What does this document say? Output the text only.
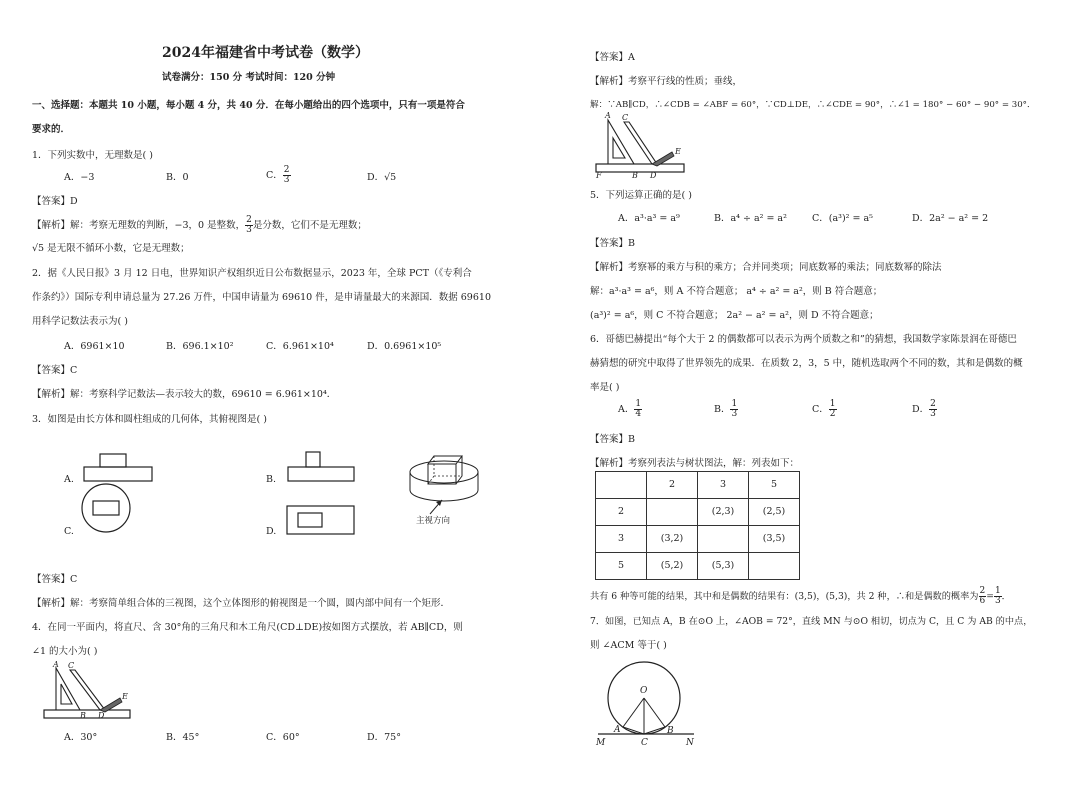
2024年福建省中考试卷（数学）
试卷满分：150 分 考试时间：120 分钟
一、选择题：本题共 10 小题，每小题 4 分，共 40 分．在每小题给出的四个选项中，只有一项是符合
要求的．
1．下列实数中，无理数是( )
A．−3	B．0	C． $\frac{2}{3}$	D．√5
【答案】D
【解析】解：考察无理数的判断，−3，0 是整数， $\frac{2}{3}$ 是分数，它们不是无理数；
√5 是无限不循环小数，它是无理数；
2．据《人民日报》3 月 12 日电，世界知识产权组织近日公布数据显示，2023 年，全球 PCT（《专利合
作条约》）国际专利申请总量为 27.26 万件，中国申请量为 69610 件，是申请量最大的来源国．数据 69610
用科学记数法表示为( )
A．6961×10	B．696.1×10²	C．6.961×10⁴	D．0.6961×10⁵
【答案】C
【解析】解：考察科学记数法—表示较大的数，69610 = 6.961×10⁴．
3．如图是由长方体和圆柱组成的几何体，其俯视图是( )
A.	B.
C.	D.
主视方向
【答案】C
【解析】解：考察简单组合体的三视图，这个立体图形的俯视图是一个圆，圆内部中间有一个矩形．
4．在同一平面内，将直尺、含 30°角的三角尺和木工角尺(CD⊥DE)按如图方式摆放，若 AB∥CD，则
∠1 的大小为( )
A C
E
B D
A．30°	B．45°	C．60°	D．75°
【答案】A
【解析】考察平行线的性质；垂线，
解：∵AB∥CD，∴∠CDB = ∠ABF = 60°，∵CD⊥DE，∴∠CDE = 90°，∴∠1 = 180° − 60° − 90° = 30°．
A C
E
F	B D
5．下列运算正确的是( )
A．a³·a³ = a⁹	B．a⁴ ÷ a² = a²	C．(a³)² = a⁵	D．2a² − a² = 2
【答案】B
【解析】考察幂的乘方与积的乘方；合并同类项；同底数幂的乘法；同底数幂的除法
解：a³·a³ = a⁶，则 A 不符合题意； a⁴ ÷ a² = a²，则 B 符合题意；
(a³)² = a⁶，则 C 不符合题意； 2a² − a² = a²，则 D 不符合题意；
6．哥德巴赫提出“每个大于 2 的偶数都可以表示为两个质数之和”的猜想，我国数学家陈景润在哥德巴
赫猜想的研究中取得了世界领先的成果．在质数 2，3，5 中，随机选取两个不同的数，其和是偶数的概
率是( )
A． $\frac{1}{4}$	B． $\frac{1}{3}$	C． $\frac{1}{2}$	D． $\frac{2}{3}$
【答案】B
【解析】考察列表法与树状图法，解：列表如下：
	2	3	5
2		(2,3)	(2,5)
3	(3,2)		(3,5)
5	(5,2)	(5,3)	
共有 6 种等可能的结果，其中和是偶数的结果有：(3,5)，(5,3)，共 2 种，∴和是偶数的概率为 $\frac{2}{6} = \frac{1}{3}$ ．
7．如图，已知点 A，B 在⊙O 上，∠AOB = 72°，直线 MN 与⊙O 相切，切点为 C，且 C 为 AB 的中点，
则 ∠ACM 等于( )
O
A	B
M	C	N
